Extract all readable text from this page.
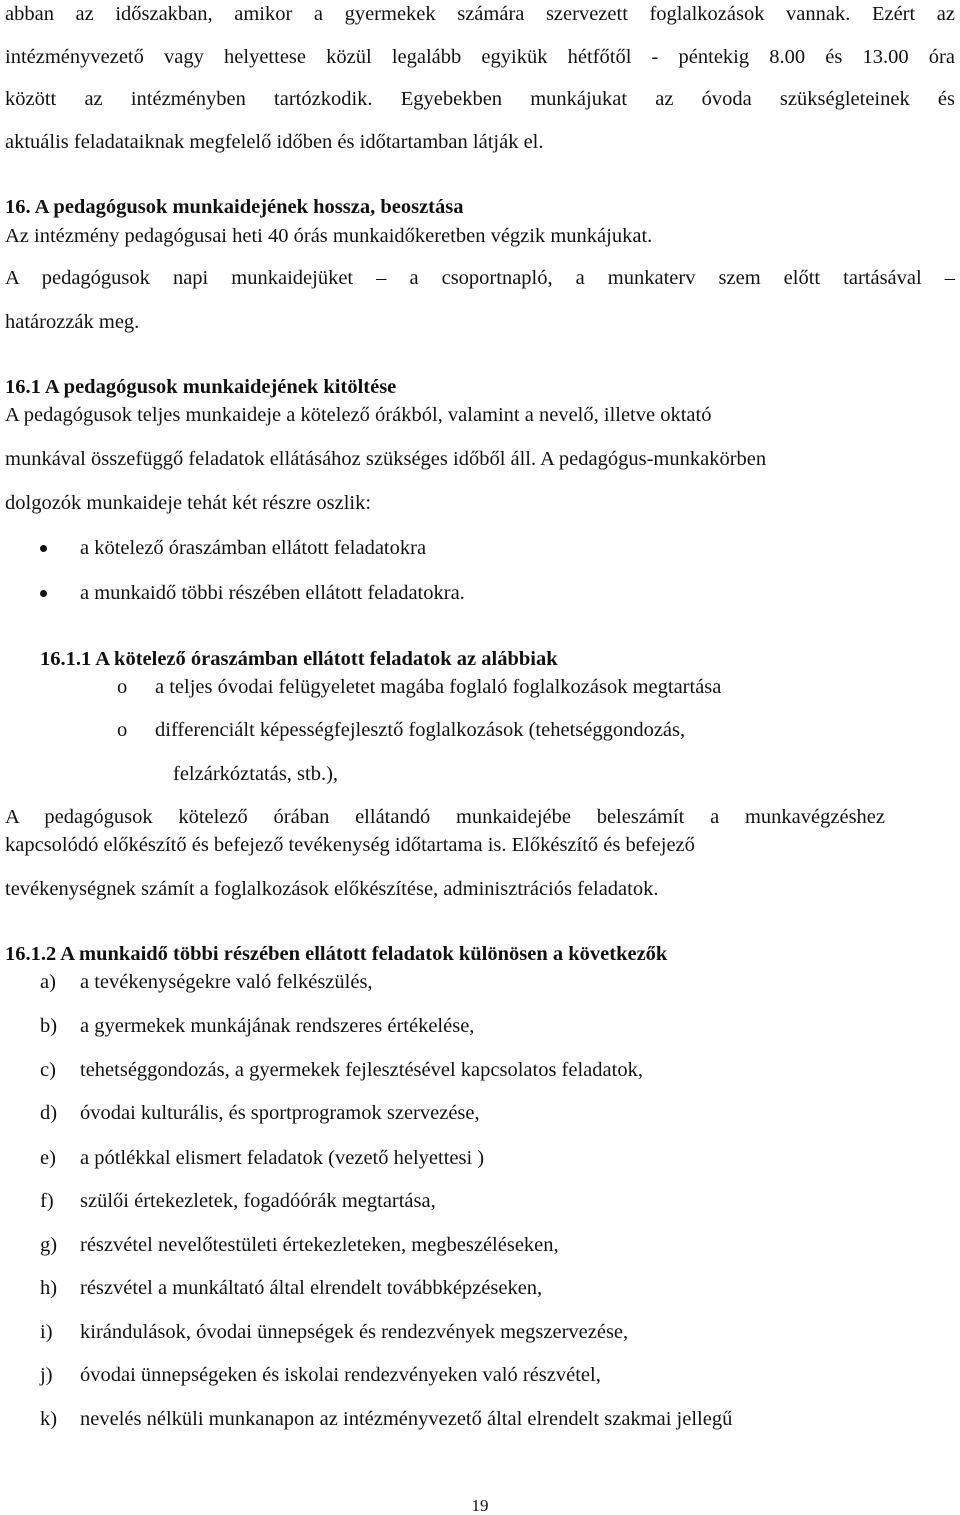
abban az időszakban, amikor a gyermekek számára szervezett foglalkozások vannak. Ezért az
intézményvezető vagy helyettese közül legalább egyikük hétfőtől - péntekig 8.00 és 13.00 óra
között az intézményben tartózkodik. Egyebekben munkájukat az óvoda szükségleteinek és
aktuális feladataiknak megfelelő időben és időtartamban látják el.
16. A pedagógusok munkaidejének hossza, beosztása
Az intézmény pedagógusai heti 40 órás munkaidőkeretben végzik munkájukat.
A pedagógusok napi munkaidejüket – a csoportnapló, a munkaterv szem előtt tartásával –
határozzák meg.
16.1 A pedagógusok munkaidejének kitöltése
A pedagógusok teljes munkaideje a kötelező órákból, valamint a nevelő, illetve oktató
munkával összefüggő feladatok ellátásához szükséges időből áll. A pedagógus-munkakörben
dolgozók munkaideje tehát két részre oszlik:
a kötelező óraszámban ellátott feladatokra
a munkaidő többi részében ellátott feladatokra.
16.1.1 A kötelező óraszámban ellátott feladatok az alábbiak
o a teljes óvodai felügyeletet magába foglaló foglalkozások megtartása
o differenciált képességfejlesztő foglalkozások (tehetséggondozás,
felzárkóztatás, stb.),
A pedagógusok kötelező órában ellátandó munkaidejébe beleszámít a munkavégzéshez
kapcsolódó előkészítő és befejező tevékenység időtartama is. Előkészítő és befejező
tevékenységnek számít a foglalkozások előkészítése, adminisztrációs feladatok.
16.1.2 A munkaidő többi részében ellátott feladatok különösen a következők
a) a tevékenységekre való felkészülés,
b) a gyermekek munkájának rendszeres értékelése,
c) tehetséggondozás, a gyermekek fejlesztésével kapcsolatos feladatok,
d) óvodai kulturális, és sportprogramok szervezése,
e) a pótlékkal elismert feladatok (vezető helyettesi )
f) szülői értekezletek, fogadóórák megtartása,
g) részvétel nevelőtestületi értekezleteken, megbeszéléseken,
h) részvétel a munkáltató által elrendelt továbbképzéseken,
i) kirándulások, óvodai ünnepségek és rendezvények megszervezése,
j) óvodai ünnepségeken és iskolai rendezvényeken való részvétel,
k) nevelés nélküli munkanapon az intézményvezető által elrendelt szakmai jellegű
19
